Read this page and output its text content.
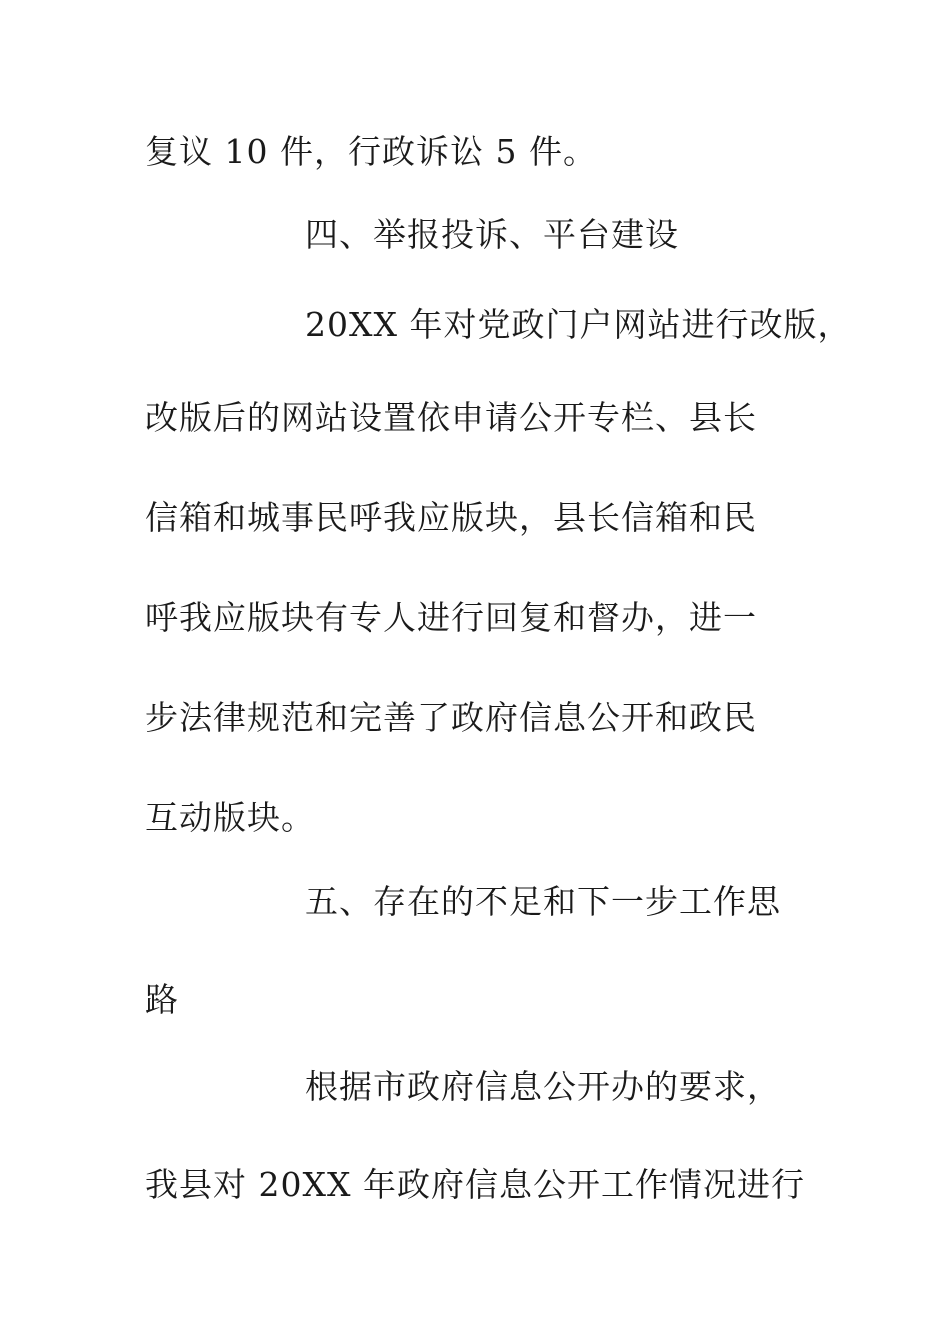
复议 10 件，行政诉讼 5 件。
四、举报投诉、平台建设
20XX 年对党政门户网站进行改版，
改版后的网站设置依申请公开专栏、县长
信箱和城事民呼我应版块，县长信箱和民
呼我应版块有专人进行回复和督办，进一
步法律规范和完善了政府信息公开和政民
互动版块。
五、存在的不足和下一步工作思
路
根据市政府信息公开办的要求，
我县对 20XX 年政府信息公开工作情况进行
